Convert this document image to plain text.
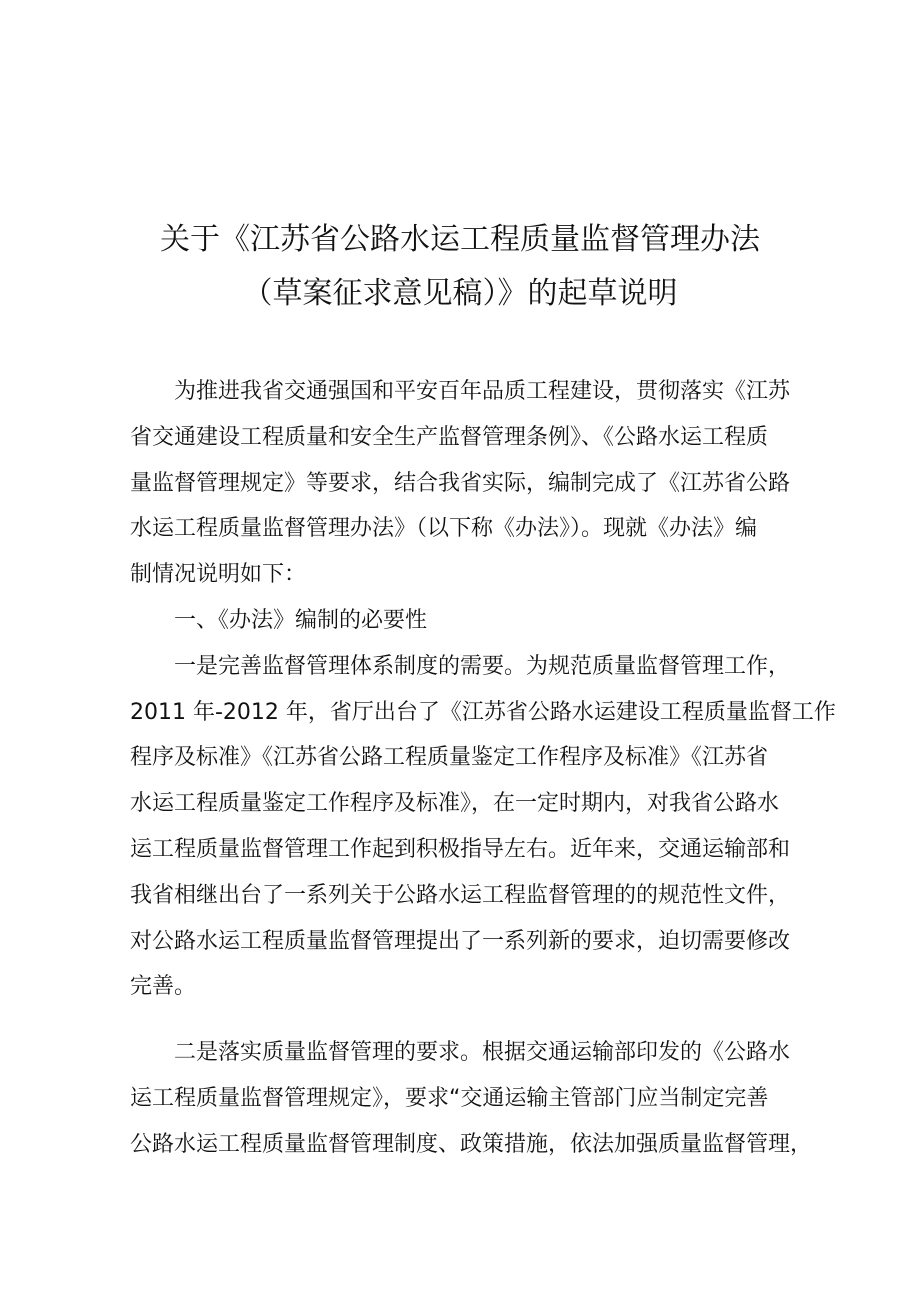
关于《江苏省公路水运工程质量监督管理办法
（草案征求意见稿）》的起草说明
为推进我省交通强国和平安百年品质工程建设，贯彻落实《江苏
省交通建设工程质量和安全生产监督管理条例》、《公路水运工程质
量监督管理规定》等要求，结合我省实际，编制完成了《江苏省公路
水运工程质量监督管理办法》（以下称《办法》）。现就《办法》编
制情况说明如下：
一、《办法》编制的必要性
一是完善监督管理体系制度的需要。为规范质量监督管理工作，
2011 年-2012 年，省厅出台了《江苏省公路水运建设工程质量监督工作
程序及标准》《江苏省公路工程质量鉴定工作程序及标准》《江苏省
水运工程质量鉴定工作程序及标准》，在一定时期内，对我省公路水
运工程质量监督管理工作起到积极指导左右。近年来，交通运输部和
我省相继出台了一系列关于公路水运工程监督管理的的规范性文件，
对公路水运工程质量监督管理提出了一系列新的要求，迫切需要修改
完善。
二是落实质量监督管理的要求。根据交通运输部印发的《公路水
运工程质量监督管理规定》，要求“交通运输主管部门应当制定完善
公路水运工程质量监督管理制度、政策措施，依法加强质量监督管理，
